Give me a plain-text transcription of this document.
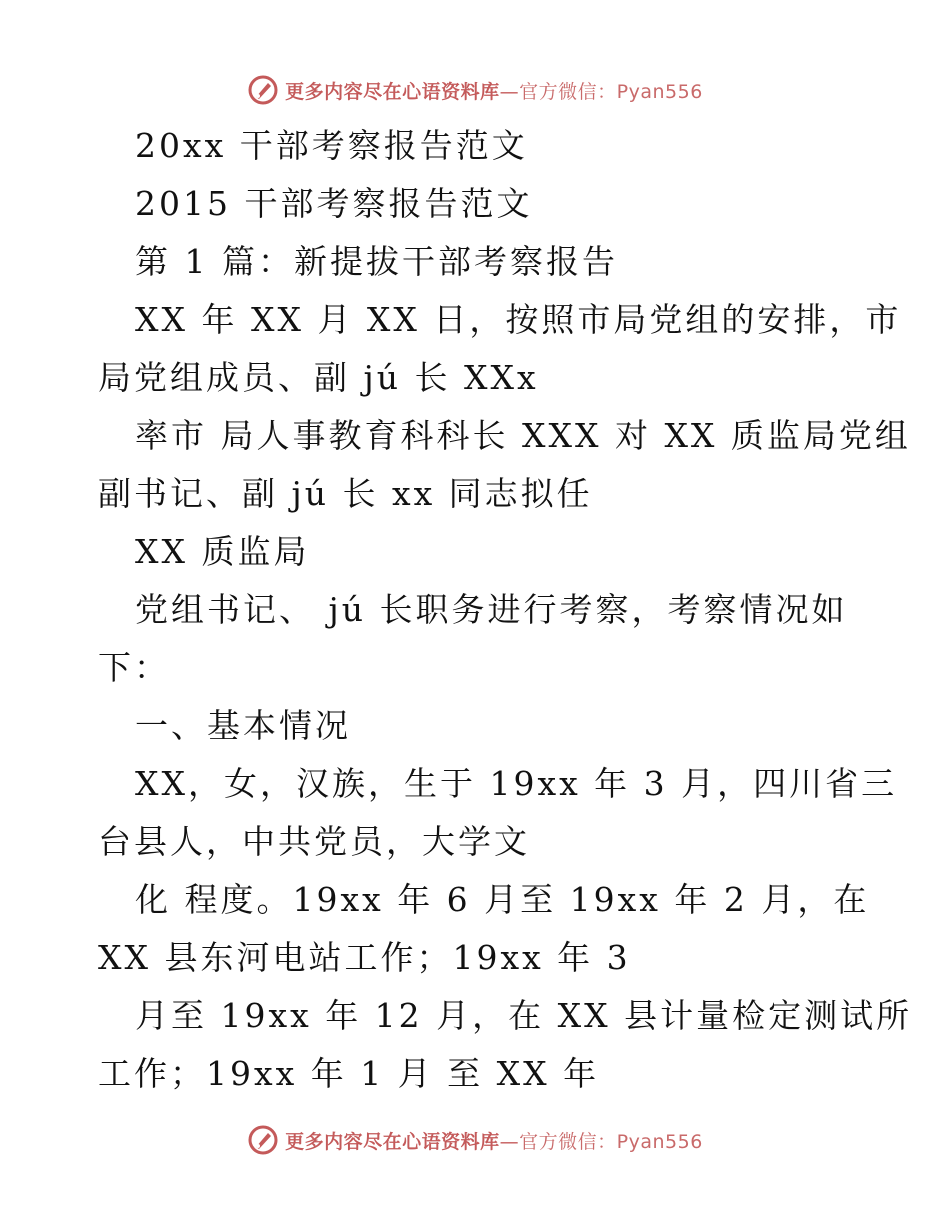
更多内容尽在心语资料库—官方微信：Pyan556
20xx 干部考察报告范文
2015 干部考察报告范文
第 1 篇：新提拔干部考察报告
XX 年 XX 月 XX 日，按照市局党组的安排，市
局党组成员、副 jú 长 XXx
率市 局人事教育科科长 XXX 对 XX 质监局党组
副书记、副 jú 长 xx 同志拟任
XX 质监局
党组书记、 jú 长职务进行考察，考察情况如
下：
一、基本情况
XX，女，汉族，生于 19xx 年 3 月，四川省三
台县人，中共党员，大学文
化 程度。19xx 年 6 月至 19xx 年 2 月，在
XX 县东河电站工作；19xx 年 3
月至 19xx 年 12 月，在 XX 县计量检定测试所
工作；19xx 年 1 月 至 XX 年
更多内容尽在心语资料库—官方微信：Pyan556
